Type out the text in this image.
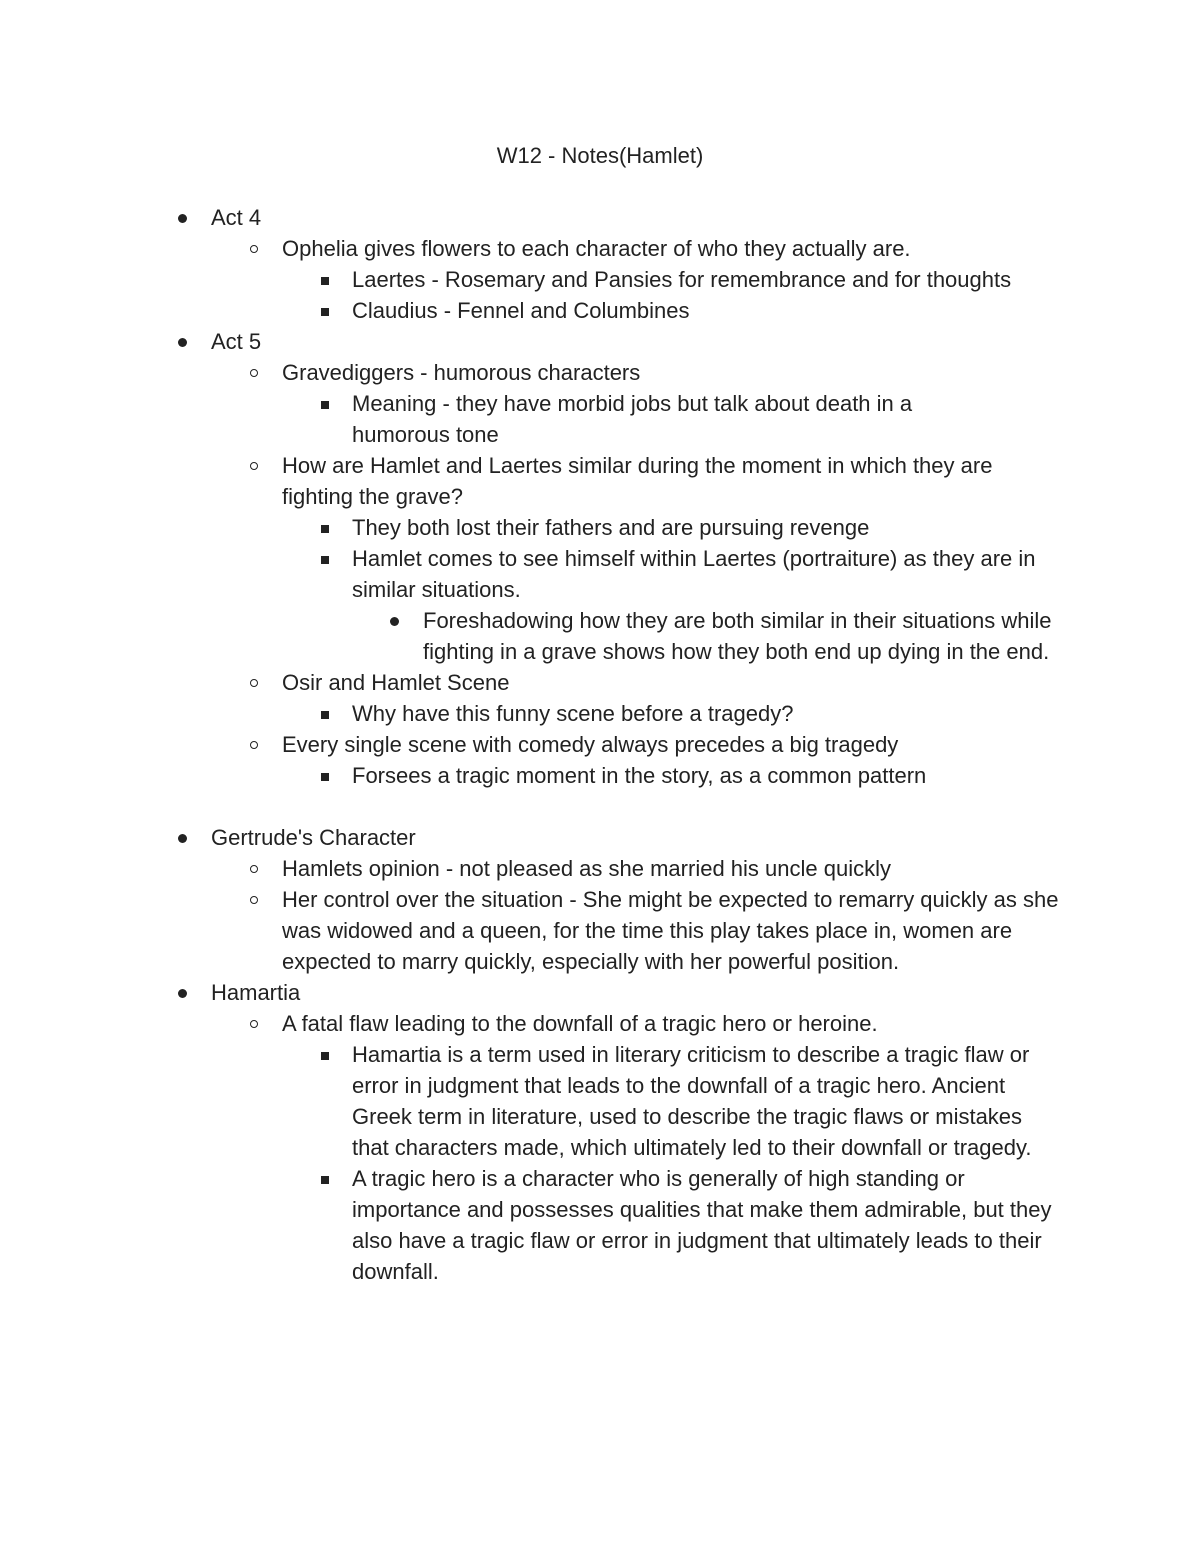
W12 - Notes(Hamlet)
Act 4
Ophelia gives flowers to each character of who they actually are.
Laertes - Rosemary and Pansies for remembrance and for thoughts
Claudius - Fennel and Columbines
Act 5
Gravediggers - humorous characters
Meaning - they have morbid jobs but talk about death in a humorous tone
How are Hamlet and Laertes similar during the moment in which they are fighting the grave?
They both lost their fathers and are pursuing revenge
Hamlet comes to see himself within Laertes (portraiture) as they are in similar situations.
Foreshadowing how they are both similar in their situations while fighting in a grave shows how they both end up dying in the end.
Osir and Hamlet Scene
Why have this funny scene before a tragedy?
Every single scene with comedy always precedes a big tragedy
Forsees a tragic moment in the story, as a common pattern
Gertrude's Character
Hamlets opinion - not pleased as she married his uncle quickly
Her control over the situation - She might be expected to remarry quickly as she was widowed and a queen, for the time this play takes place in, women are expected to marry quickly, especially with her powerful position.
Hamartia
A fatal flaw leading to the downfall of a tragic hero or heroine.
Hamartia is a term used in literary criticism to describe a tragic flaw or error in judgment that leads to the downfall of a tragic hero. Ancient Greek term in literature, used to describe the tragic flaws or mistakes that characters made, which ultimately led to their downfall or tragedy.
A tragic hero is a character who is generally of high standing or importance and possesses qualities that make them admirable, but they also have a tragic flaw or error in judgment that ultimately leads to their downfall.
